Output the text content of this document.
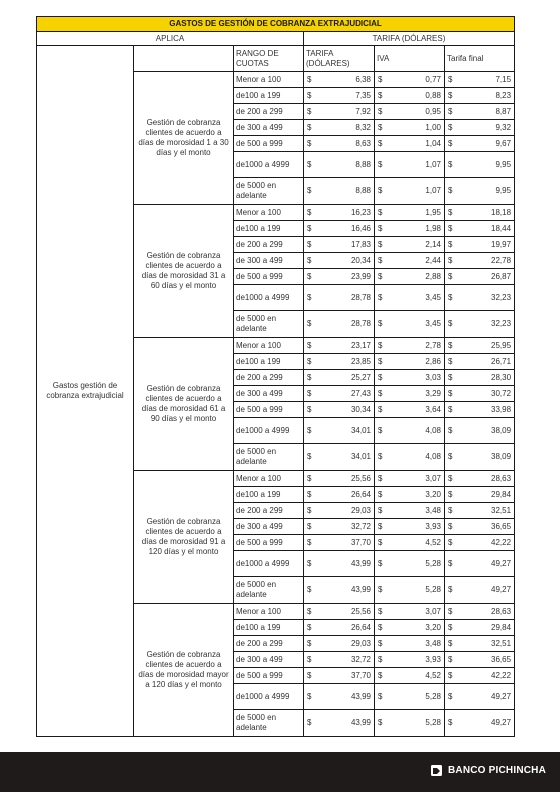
GASTOS DE GESTIÓN DE COBRANZA EXTRAJUDICIAL					
APLICA			TARIFA (DÓLARES)		
Gastos gestión de cobranza extrajudicial		RANGO DE CUOTAS	TARIFA (DÓLARES)	IVA	Tarifa final
	Gestión de cobranza clientes de acuerdo a días de morosidad 1 a 30 días y el monto	Menor a 100	$ 6,38	$ 0,77	$ 7,15

		de100 a 199	$ 7,35	$ 0,88	$ 8,23

		de 200 a 299	$ 7,92	$ 0,95	$ 8,87

		de 300 a 499	$ 8,32	$ 1,00	$ 9,32

		de 500 a 999	$ 8,63	$ 1,04	$ 9,67

		de1000 a 4999	$ 8,88	$ 1,07	$ 9,95

		de 5000 en adelante	$ 8,88	$ 1,07	$ 9,95

	Gestión de cobranza clientes de acuerdo a días de morosidad 31 a 60 días y el monto	Menor a 100	$ 16,23	$ 1,95	$ 18,18

		de100 a 199	$ 16,46	$ 1,98	$ 18,44

		de 200 a 299	$ 17,83	$ 2,14	$ 19,97

		de 300 a 499	$ 20,34	$ 2,44	$ 22,78

		de 500 a 999	$ 23,99	$ 2,88	$ 26,87

		de1000 a 4999	$ 28,78	$ 3,45	$ 32,23

		de 5000 en adelante	$ 28,78	$ 3,45	$ 32,23

	Gestión de cobranza clientes de acuerdo a días de morosidad 61 a 90 días y el monto	Menor a 100	$ 23,17	$ 2,78	$ 25,95

		de100 a 199	$ 23,85	$ 2,86	$ 26,71

		de 200 a 299	$ 25,27	$ 3,03	$ 28,30

		de 300 a 499	$ 27,43	$ 3,29	$ 30,72

		de 500 a 999	$ 30,34	$ 3,64	$ 33,98

		de1000 a 4999	$ 34,01	$ 4,08	$ 38,09

		de 5000 en adelante	$ 34,01	$ 4,08	$ 38,09

	Gestión de cobranza clientes de acuerdo a días de morosidad 91 a 120 días y el monto	Menor a 100	$ 25,56	$ 3,07	$ 28,63

		de100 a 199	$ 26,64	$ 3,20	$ 29,84

		de 200 a 299	$ 29,03	$ 3,48	$ 32,51

		de 300 a 499	$ 32,72	$ 3,93	$ 36,65

		de 500 a 999	$ 37,70	$ 4,52	$ 42,22

		de1000 a 4999	$ 43,99	$ 5,28	$ 49,27

		de 5000 en adelante	$ 43,99	$ 5,28	$ 49,27

	Gestión de cobranza clientes de acuerdo a días de morosidad mayor a 120 días y el monto	Menor a 100	$ 25,56	$ 3,07	$ 28,63

		de100 a 199	$ 26,64	$ 3,20	$ 29,84

		de 200 a 299	$ 29,03	$ 3,48	$ 32,51

		de 300 a 499	$ 32,72	$ 3,93	$ 36,65

		de 500 a 999	$ 37,70	$ 4,52	$ 42,22

		de1000 a 4999	$ 43,99	$ 5,28	$ 49,27

		de 5000 en adelante	$ 43,99	$ 5,28	$ 49,27
BANCO PICHINCHA
